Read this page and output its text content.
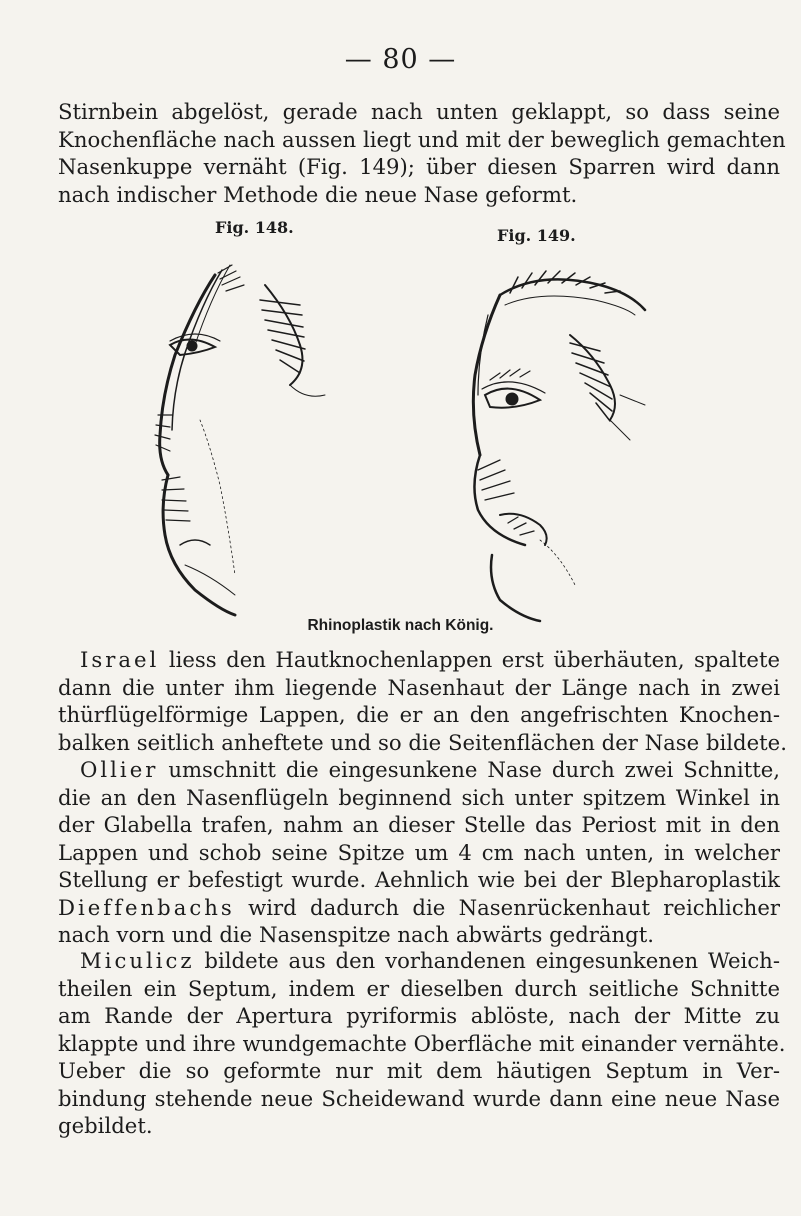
— 80 —
Stirnbein abgelöst, gerade nach unten geklappt, so dass seine
Knochenfläche nach aussen liegt und mit der beweglich gemachten
Nasenkuppe vernäht (Fig. 149); über diesen Sparren wird dann
nach indischer Methode die neue Nase geformt.
Fig. 148.	Fig. 149.
Rhinoplastik nach König.
Israel liess den Hautknochenlappen erst überhäuten, spaltete
dann die unter ihm liegende Nasenhaut der Länge nach in zwei
thürflügelförmige Lappen, die er an den angefrischten Knochen-
balken seitlich anheftete und so die Seitenflächen der Nase bildete.
Ollier umschnitt die eingesunkene Nase durch zwei Schnitte,
die an den Nasenflügeln beginnend sich unter spitzem Winkel in
der Glabella trafen, nahm an dieser Stelle das Periost mit in den
Lappen und schob seine Spitze um 4 cm nach unten, in welcher
Stellung er befestigt wurde. Aehnlich wie bei der Blepharoplastik
Dieffenbachs wird dadurch die Nasenrückenhaut reichlicher
nach vorn und die Nasenspitze nach abwärts gedrängt.
Miculicz bildete aus den vorhandenen eingesunkenen Weich-
theilen ein Septum, indem er dieselben durch seitliche Schnitte
am Rande der Apertura pyriformis ablöste, nach der Mitte zu
klappte und ihre wundgemachte Oberfläche mit einander vernähte.
Ueber die so geformte nur mit dem häutigen Septum in Ver-
bindung stehende neue Scheidewand wurde dann eine neue Nase
gebildet.
